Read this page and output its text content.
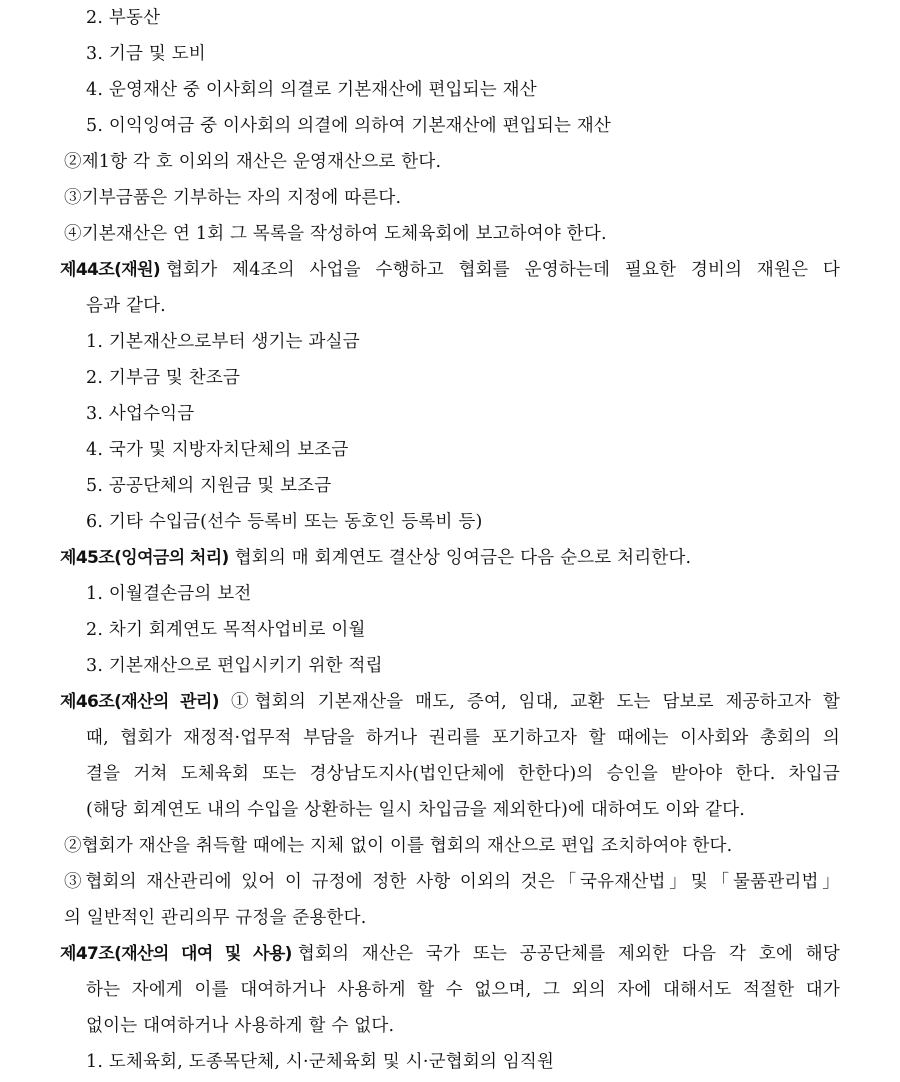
2. 부동산
3. 기금 및 도비
4. 운영재산 중 이사회의 의결로 기본재산에 편입되는 재산
5. 이익잉여금 중 이사회의 의결에 의하여 기본재산에 편입되는 재산
②제1항 각 호 이외의 재산은 운영재산으로 한다.
③기부금품은 기부하는 자의 지정에 따른다.
④기본재산은 연 1회 그 목록을 작성하여 도체육회에 보고하여야 한다.
제44조(재원) 협회가 제4조의 사업을 수행하고 협회를 운영하는데 필요한 경비의 재원은 다
음과 같다.
1. 기본재산으로부터 생기는 과실금
2. 기부금 및 찬조금
3. 사업수익금
4. 국가 및 지방자치단체의 보조금
5. 공공단체의 지원금 및 보조금
6. 기타 수입금(선수 등록비 또는 동호인 등록비 등)
제45조(잉여금의 처리) 협회의 매 회계연도 결산상 잉여금은 다음 순으로 처리한다.
1. 이월결손금의 보전
2. 차기 회계연도 목적사업비로 이월
3. 기본재산으로 편입시키기 위한 적립
제46조(재산의 관리) ①협회의 기본재산을 매도, 증여, 임대, 교환 도는 담보로 제공하고자 할
때, 협회가 재정적·업무적 부담을 하거나 권리를 포기하고자 할 때에는 이사회와 총회의 의
결을 거쳐 도체육회 또는 경상남도지사(법인단체에 한한다)의 승인을 받아야 한다. 차입금
(해당 회계연도 내의 수입을 상환하는 일시 차입금을 제외한다)에 대하여도 이와 같다.
②협회가 재산을 취득할 때에는 지체 없이 이를 협회의 재산으로 편입 조치하여야 한다.
③협회의 재산관리에 있어 이 규정에 정한 사항 이외의 것은「국유재산법」및「물품관리법」
의 일반적인 관리의무 규정을 준용한다.
제47조(재산의 대여 및 사용) 협회의 재산은 국가 또는 공공단체를 제외한 다음 각 호에 해당
하는 자에게 이를 대여하거나 사용하게 할 수 없으며, 그 외의 자에 대해서도 적절한 대가
없이는 대여하거나 사용하게 할 수 없다.
1. 도체육회, 도종목단체, 시·군체육회 및 시·군협회의 임직원
